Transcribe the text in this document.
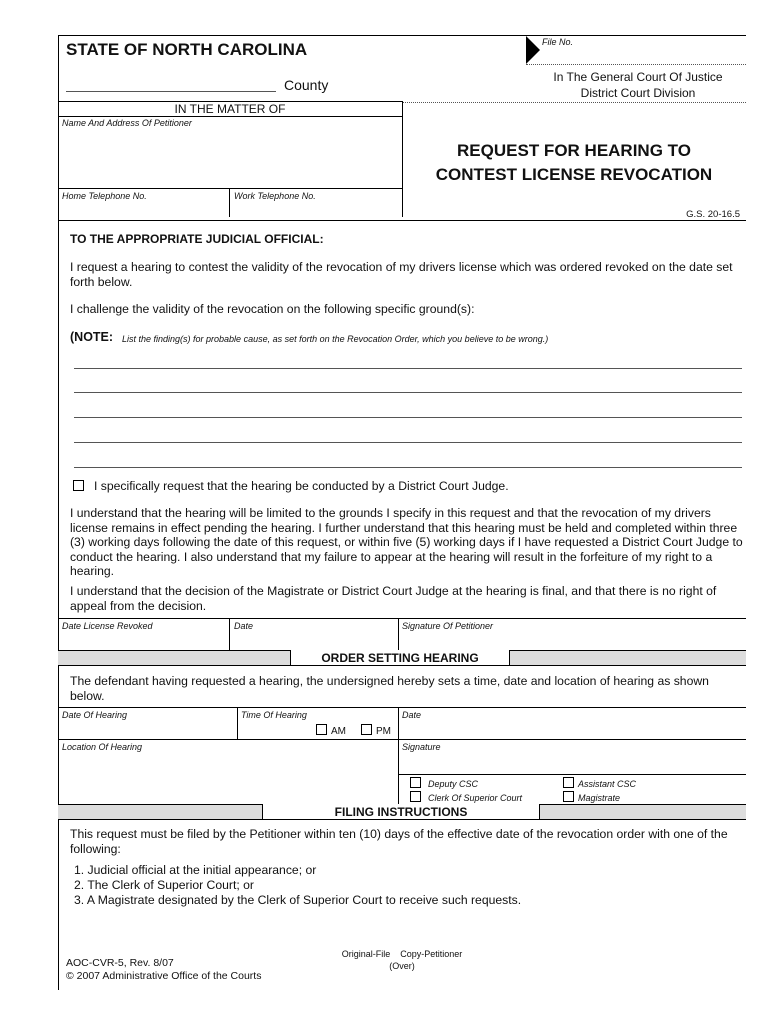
STATE OF NORTH CAROLINA
County
File No.
In The General Court Of Justice
District Court Division
IN THE MATTER OF
Name And Address Of Petitioner
Home Telephone No.	Work Telephone No.
REQUEST FOR HEARING TO
CONTEST LICENSE REVOCATION
G.S. 20-16.5
TO THE APPROPRIATE JUDICIAL OFFICIAL:
I request a hearing to contest the validity of the revocation of my drivers license which was ordered revoked on the date set forth below.
I challenge the validity of the revocation on the following specific ground(s):
(NOTE: List the finding(s) for probable cause, as set forth on the Revocation Order, which you believe to be wrong.)
I specifically request that the hearing be conducted by a District Court Judge.
I understand that the hearing will be limited to the grounds I specify in this request and that the revocation of my drivers license remains in effect pending the hearing. I further understand that this hearing must be held and completed within three (3) working days following the date of this request, or within five (5) working days if I have requested a District Court Judge to conduct the hearing. I also understand that my failure to appear at the hearing will result in the forfeiture of my right to a hearing.
I understand that the decision of the Magistrate or District Court Judge at the hearing is final, and that there is no right of appeal from the decision.
Date License Revoked	Date	Signature Of Petitioner
ORDER SETTING HEARING
The defendant having requested a hearing, the undersigned hereby sets a time, date and location of hearing as shown below.
Date Of Hearing	Time Of Hearing	Date
AM	PM
Location Of Hearing	Signature
Deputy CSC	Assistant CSC
Clerk Of Superior Court	Magistrate
FILING INSTRUCTIONS
This request must be filed by the Petitioner within ten (10) days of the effective date of the revocation order with one of the following:
1. Judicial official at the initial appearance; or
2. The Clerk of Superior Court; or
3. A Magistrate designated by the Clerk of Superior Court to receive such requests.
AOC-CVR-5, Rev. 8/07
© 2007 Administrative Office of the Courts
Original-File    Copy-Petitioner
(Over)
